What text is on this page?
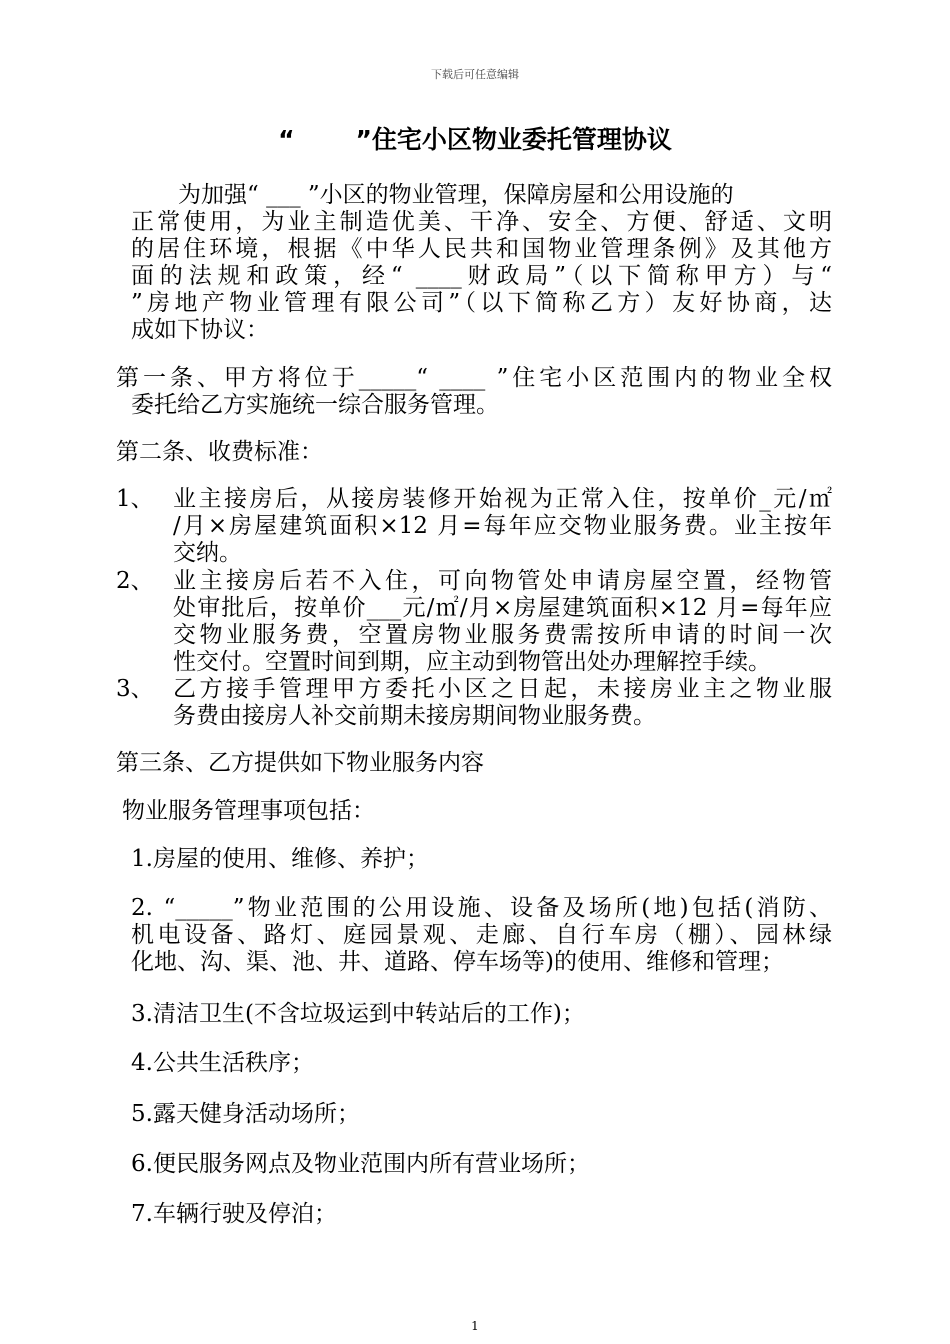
下载后可任意编辑
“       ”住宅小区物业委托管理协议
为加强“ ___ ”小区的物业管理，保障房屋和公用设施的
正常使用，为业主制造优美、干净、安全、方便、舒适、文明
的居住环境，根据《中华人民共和国物业管理条例》及其他方
面的法规和政策，经“ ____财政局”（以下简称甲方）与“
”房地产物业管理有限公司”（以下简称乙方）友好协商，达
成如下协议：
第一条、甲方将位于_____“ ____ ”住宅小区范围内的物业全权
委托给乙方实施统一综合服务管理。
第二条、收费标准：
1、 业主接房后，从接房装修开始视为正常入住，按单价_元/㎡
/月×房屋建筑面积×12 月=每年应交物业服务费。业主按年
交纳。
2、 业主接房后若不入住，可向物管处申请房屋空置，经物管
处审批后，按单价___元/㎡/月×房屋建筑面积×12 月=每年应
交物业服务费，空置房物业服务费需按所申请的时间一次
性交付。空置时间到期，应主动到物管出处办理解控手续。
3、 乙方接手管理甲方委托小区之日起，未接房业主之物业服
务费由接房人补交前期未接房期间物业服务费。
第三条、乙方提供如下物业服务内容
物业服务管理事项包括：
1.房屋的使用、维修、养护；
2. “_____”物业范围的公用设施、设备及场所(地)包括(消防、
机电设备、路灯、庭园景观、走廊、自行车房（棚）、园林绿
化地、沟、渠、池、井、道路、停车场等)的使用、维修和管理；
3.清洁卫生(不含垃圾运到中转站后的工作)；
4.公共生活秩序；
5.露天健身活动场所；
6.便民服务网点及物业范围内所有营业场所；
7.车辆行驶及停泊；
1
